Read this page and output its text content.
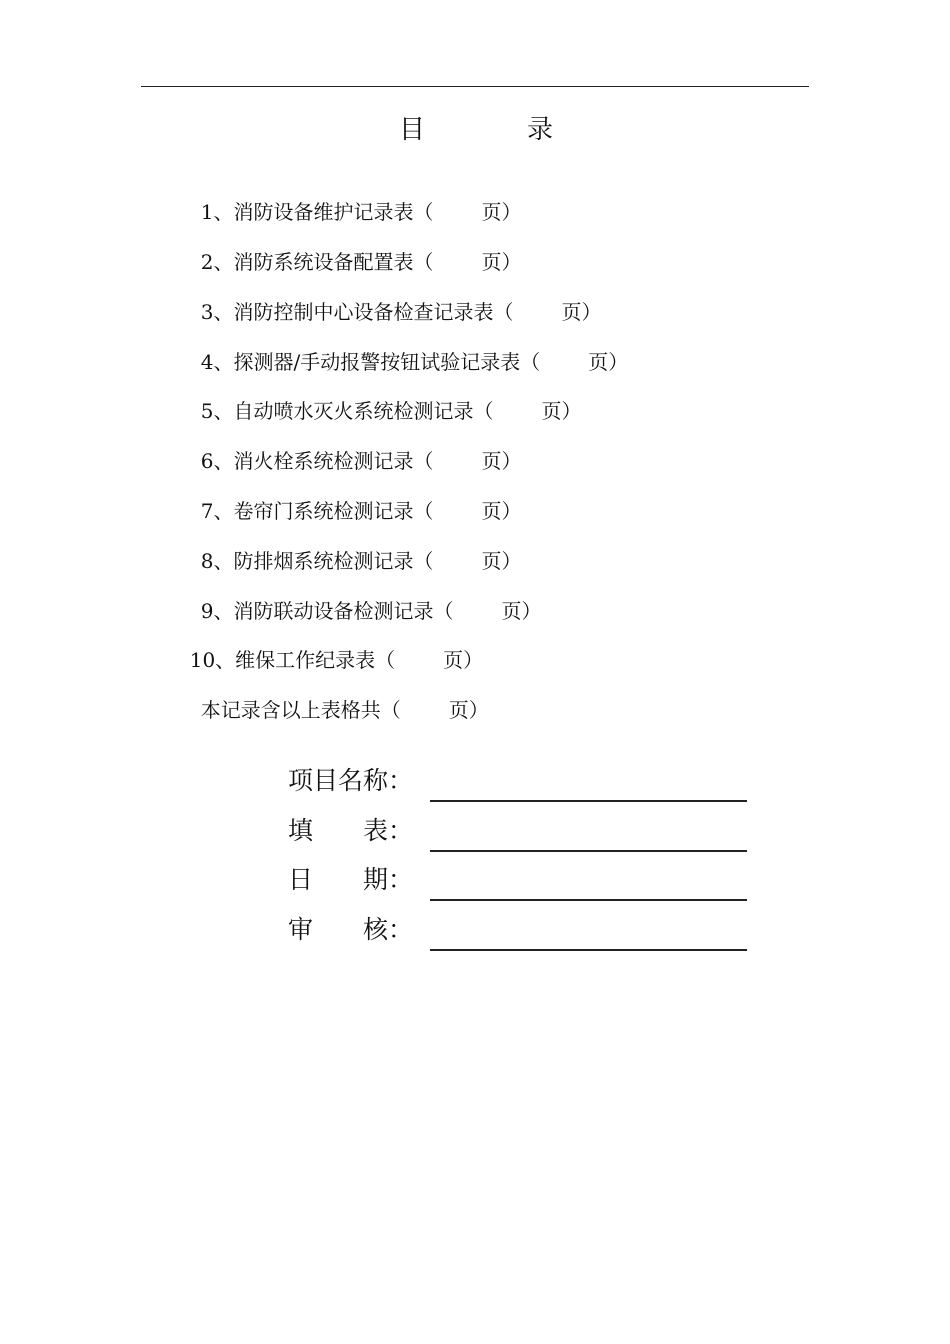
目	录

1、消防设备维护记录表（ 页）

2、消防系统设备配置表（ 页）

3、消防控制中心设备检查记录表（ 页）

4、探测器/手动报警按钮试验记录表（ 页）

5、自动喷水灭火系统检测记录（ 页）

6、消火栓系统检测记录（ 页）

7、卷帘门系统检测记录（ 页）

8、防排烟系统检测记录（ 页）

9、消防联动设备检测记录（ 页）

10、维保工作纪录表（ 页）

本记录含以上表格共（ 页）

项目名称：
填　　表：
日　　期：
审　　核：
